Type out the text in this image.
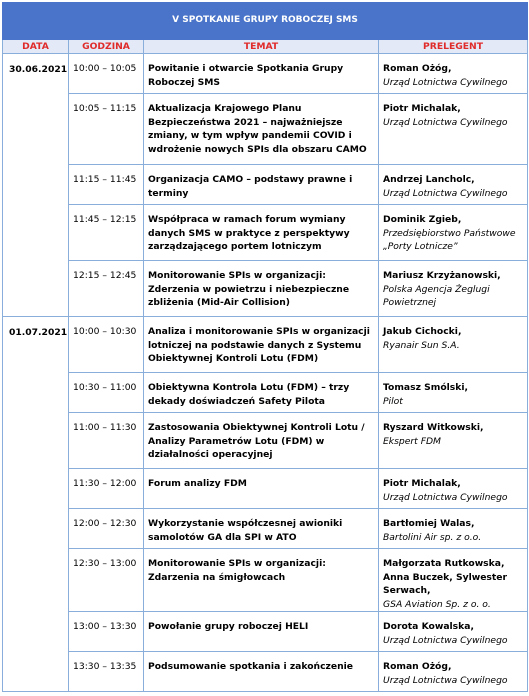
V SPOTKANIE GRUPY ROBOCZEJ SMS			
DATA	GODZINA	TEMAT	PRELEGENT
30.06.2021	10:00 – 10:05	Powitanie i otwarcie Spotkania Grupy Roboczej SMS	Roman Ożóg,
Urząd Lotnictwa Cywilnego

	10:05 – 11:15	Aktualizacja Krajowego Planu Bezpieczeństwa 2021 – najważniejsze zmiany, w tym wpływ pandemii COVID i wdrożenie nowych SPIs dla obszaru CAMO	Piotr Michalak,
Urząd Lotnictwa Cywilnego

	11:15 – 11:45	Organizacja CAMO – podstawy prawne i terminy	Andrzej Lancholc,
Urząd Lotnictwa Cywilnego

	11:45 – 12:15	Współpraca w ramach forum wymiany danych SMS w praktyce z perspektywy zarządzającego portem lotniczym	Dominik Zgieb,
Przedsiębiorstwo Państwowe „Porty Lotnicze”

	12:15 – 12:45	Monitorowanie SPIs w organizacji: Zderzenia w powietrzu i niebezpieczne zbliżenia (Mid-Air Collision)	Mariusz Krzyżanowski,
Polska Agencja Żeglugi Powietrznej

01.07.2021	10:00 – 10:30	Analiza i monitorowanie SPIs w organizacji lotniczej na podstawie danych z Systemu Obiektywnej Kontroli Lotu (FDM)	Jakub Cichocki,
Ryanair Sun S.A.

	10:30 – 11:00	Obiektywna Kontrola Lotu (FDM) – trzy dekady doświadczeń Safety Pilota	Tomasz Smólski,
Pilot

	11:00 – 11:30	Zastosowania Obiektywnej Kontroli Lotu / Analizy Parametrów Lotu (FDM) w działalności operacyjnej	Ryszard Witkowski,
Ekspert FDM

	11:30 – 12:00	Forum analizy FDM	Piotr Michalak,
Urząd Lotnictwa Cywilnego

	12:00 – 12:30	Wykorzystanie współczesnej awioniki samolotów GA dla SPI w ATO	Bartłomiej Walas,
Bartolini Air sp. z o.o.

	12:30 – 13:00	Monitorowanie SPIs w organizacji: Zdarzenia na śmigłowcach	Małgorzata Rutkowska, Anna Buczek, Sylwester Serwach,
GSA Aviation Sp. z o. o.

	13:00 – 13:30	Powołanie grupy roboczej HELI	Dorota Kowalska,
Urząd Lotnictwa Cywilnego

	13:30 – 13:35	Podsumowanie spotkania i zakończenie	Roman Ożóg,
Urząd Lotnictwa Cywilnego
